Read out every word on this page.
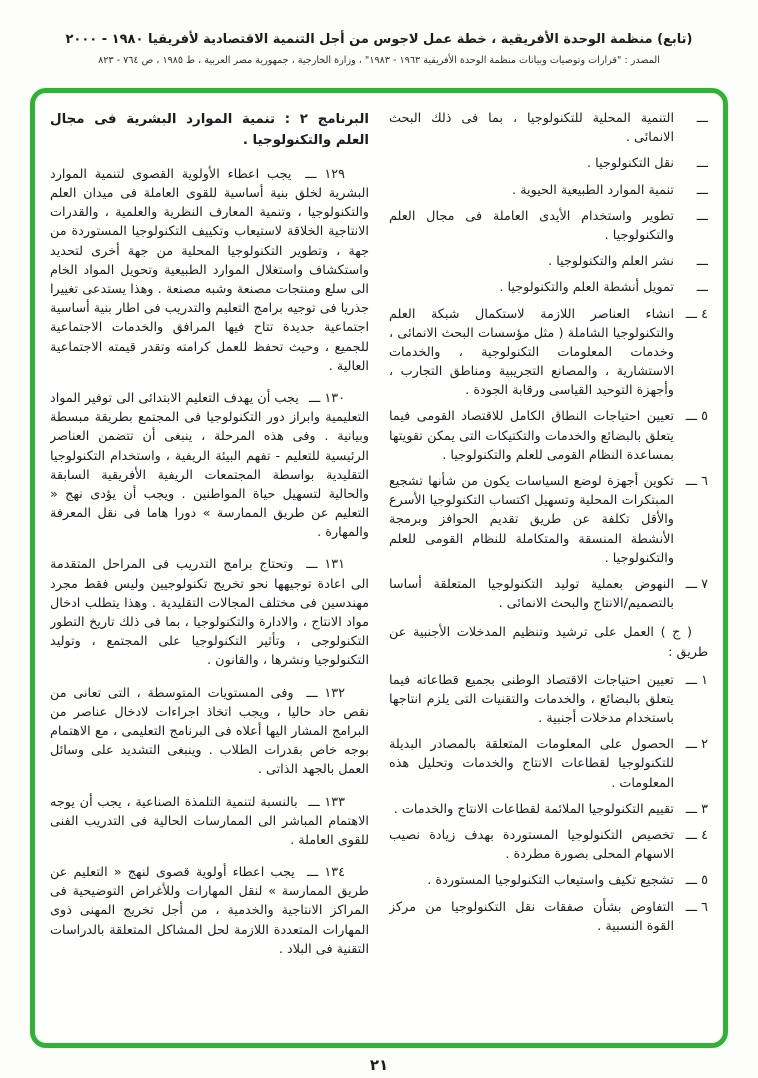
(تابع) منظمة الوحدة الأفريقية ، خطة عمل لاجوس من أجل التنمية الاقتصادية لأفريقيا ١٩٨٠ - ٢٠٠٠
المصدر : "قرارات وتوصيات وبيانات منظمة الوحدة الأفريقية ١٩٦٣ - ١٩٨٣" ، وزارة الخارجية ، جمهورية مصر العربية ، ط ١٩٨٥ ، ص ٧٦٤ - ٨٢٣
ـــ
التنمية المحلية للتكنولوجيا ، بما فى ذلك البحث الانمائى .
ـــ
نقل التكنولوجيا .
ـــ
تنمية الموارد الطبيعية الحيوية .
ـــ
تطوير واستخدام الأيدى العاملة فى مجال العلم والتكنولوجيا .
ـــ
نشر العلم والتكنولوجيا .
ـــ
تمويل أنشطة العلم والتكنولوجيا .
٤ ـــ
انشاء العناصر اللازمة لاستكمال شبكة العلم والتكنولوجيا الشاملة ( مثل مؤسسات البحث الانمائى ، وخدمات المعلومات التكنولوجية ، والخدمات الاستشارية ، والمصانع التجريبية ومناطق التجارب ، وأجهزة التوحيد القياسى ورقابة الجودة .
٥ ـــ
تعيين احتياجات النطاق الكامل للاقتصاد القومى فيما يتعلق بالبضائع والخدمات والتكتيكات التى يمكن تقويتها بمساعدة النظام القومى للعلم والتكنولوجيا .
٦ ـــ
تكوين أجهزة لوضع السياسات يكون من شأنها تشجيع المبتكرات المحلية وتسهيل اكتساب التكنولوجيا الأسرع والأقل تكلفة عن طريق تقديم الحوافز وبرمجة الأنشطة المنسقة والمتكاملة للنظام القومى للعلم والتكنولوجيا .
٧ ـــ
النهوض بعملية توليد التكنولوجيا المتعلقة أساسا بالتصميم/الانتاج والبحث الانمائى .

( ج ) العمل على ترشيد وتنظيم المدخلات الأجنبية عن طريق :

١ ـــ
تعيين احتياجات الاقتصاد الوطنى بجميع قطاعاته فيما يتعلق بالبضائع ، والخدمات والتقنيات التى يلزم انتاجها باستخدام مدخلات أجنبية .
٢ ـــ
الحصول على المعلومات المتعلقة بالمصادر البديلة للتكنولوجيا لقطاعات الانتاج والخدمات وتحليل هذه المعلومات .
٣ ـــ
تقييم التكنولوجيا الملائمة لقطاعات الانتاج والخدمات .
٤ ـــ
تخصيص التكنولوجيا المستوردة بهدف زيادة نصيب الاسهام المحلى بصورة مطردة .
٥ ـــ
تشجيع تكيف واستيعاب التكنولوجيا المستوردة .
٦ ـــ
التفاوض بشأن صفقات نقل التكنولوجيا من مركز القوة النسبية .
البرنامج ٢ : تنمية الموارد البشرية فى مجال العلم والتكنولوجيا .

١٢٩ ـــ يجب اعطاء الأولوية القصوى لتنمية الموارد البشرية لخلق بنية أساسية للقوى العاملة فى ميدان العلم والتكنولوجيا ، وتنمية المعارف النظرية والعلمية ، والقدرات الانتاجية الخلاقة لاستيعاب وتكييف التكنولوجيا المستوردة من جهة ، وتطوير التكنولوجيا المحلية من جهة أخرى لتحديد واستكشاف واستغلال الموارد الطبيعية وتحويل المواد الخام الى سلع ومنتجات مصنعة وشبه مصنعة . وهذا يستدعى تغييرا جذريا فى توجيه برامج التعليم والتدريب فى اطار بنية أساسية اجتماعية جديدة تتاح فيها المرافق والخدمات الاجتماعية للجميع ، وحيث تحفظ للعمل كرامته وتقدر قيمته الاجتماعية العالية .

١٣٠ ـــ يجب أن يهدف التعليم الابتدائى الى توفير المواد التعليمية وابراز دور التكنولوجيا فى المجتمع بطريقة مبسطة وبيانية . وفى هذه المرحلة ، ينبغى أن تتضمن العناصر الرئيسية للتعليم - تفهم البيئة الريفية ، واستخدام التكنولوجيا التقليدية بواسطة المجتمعات الريفية الأفريقية السابقة والحالية لتسهيل حياة المواطنين . ويجب أن يؤدى نهج « التعليم عن طريق الممارسة » دورا هاما فى نقل المعرفة والمهارة .

١٣١ ـــ وتحتاج برامج التدريب فى المراحل المتقدمة الى اعادة توجيهها نحو تخريج تكنولوجيين وليس فقط مجرد مهندسين فى مختلف المجالات التقليدية . وهذا يتطلب ادخال مواد الانتاج ، والادارة والتكنولوجيا ، بما فى ذلك تاريخ التطور التكنولوجى ، وتأثير التكنولوجيا على المجتمع ، وتوليد التكنولوجيا ونشرها ، والقانون .

١٣٢ ـــ وفى المستويات المتوسطة ، التى تعانى من نقص حاد حاليا ، ويجب اتخاذ اجراءات لادخال عناصر من البرامج المشار اليها أعلاه فى البرنامج التعليمى ، مع الاهتمام بوجه خاص بقدرات الطلاب . وينبغى التشديد على وسائل العمل بالجهد الذاتى .

١٣٣ ـــ بالنسبة لتنمية التلمذة الصناعية ، يجب أن يوجه الاهتمام المباشر الى الممارسات الحالية فى التدريب الفنى للقوى العاملة .

١٣٤ ـــ يجب اعطاء أولوية قصوى لنهج « التعليم عن طريق الممارسة » لنقل المهارات وللأغراض التوضيحية فى المراكز الانتاجية والخدمية ، من أجل تخريج المهنى ذوى المهارات المتعددة اللازمة لحل المشاكل المتعلقة بالدراسات التقنية فى البلاد .

٢١
